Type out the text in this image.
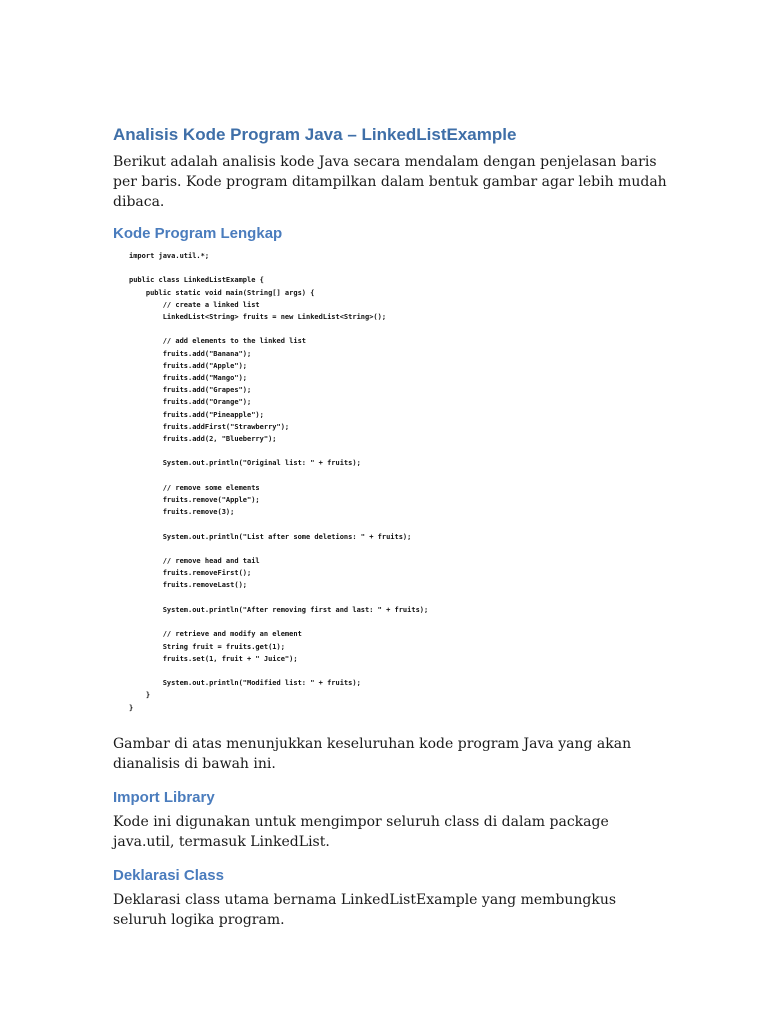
Analisis Kode Program Java – LinkedListExample

Berikut adalah analisis kode Java secara mendalam dengan penjelasan baris per baris. Kode program ditampilkan dalam bentuk gambar agar lebih mudah dibaca.

Kode Program Lengkap
import java.util.*;

public class LinkedListExample {
public static void main(String[] args) {
// create a linked list
LinkedList<String> fruits = new LinkedList<String>();

// add elements to the linked list
fruits.add("Banana");
fruits.add("Apple");
fruits.add("Mango");
fruits.add("Grapes");
fruits.add("Orange");
fruits.add("Pineapple");
fruits.addFirst("Strawberry");
fruits.add(2, "Blueberry");

System.out.println("Original list: " + fruits);

// remove some elements
fruits.remove("Apple");
fruits.remove(3);

System.out.println("List after some deletions: " + fruits);

// remove head and tail
fruits.removeFirst();
fruits.removeLast();

System.out.println("After removing first and last: " + fruits);

// retrieve and modify an element
String fruit = fruits.get(1);
fruits.set(1, fruit + " Juice");

System.out.println("Modified list: " + fruits);
}
}

Gambar di atas menunjukkan keseluruhan kode program Java yang akan dianalisis di bawah ini.

Import Library

Kode ini digunakan untuk mengimpor seluruh class di dalam package java.util, termasuk LinkedList.

Deklarasi Class

Deklarasi class utama bernama LinkedListExample yang membungkus seluruh logika program.
